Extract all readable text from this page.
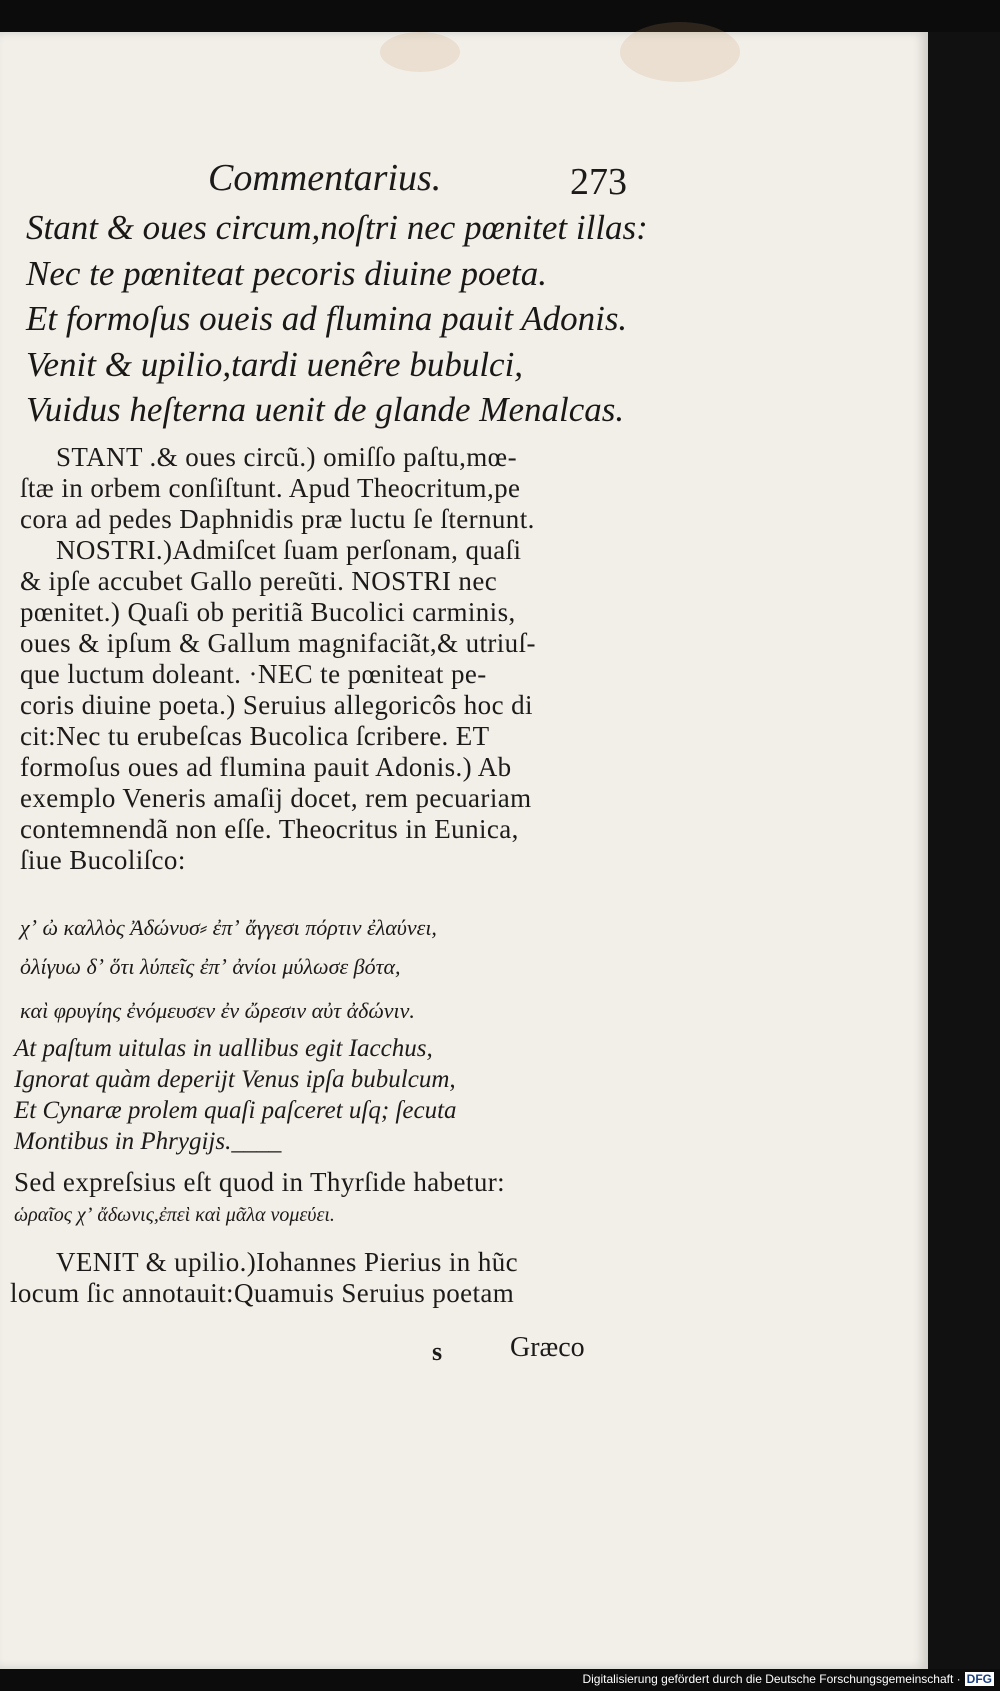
Commentarius.	273
Stant & oues circum,noſtri nec pœnitet illas:
Nec te pœniteat pecoris diuine poeta.
Et formoſus oueis ad flumina pauit Adonis.
Venit & upilio,tardi uenêre bubulci,
Vuidus heſterna uenit de glande Menalcas.
STANT .& oues circũ.) omiſſo paſtu,mœ-
ſtæ in orbem conſiſtunt. Apud Theocritum,pe
cora ad pedes Daphnidis præ luctu ſe ſternunt.
NOSTRI.)Admiſcet ſuam perſonam, quaſi
& ipſe accubet Gallo pereũti. NOSTRI nec
pœnitet.) Quaſi ob peritiã Bucolici carminis,
oues & ipſum & Gallum magnifaciãt,& utriuſ-
que luctum doleant. ·NEC te pœniteat pe-
coris diuine poeta.) Seruius allegoricôs hoc di
cit:Nec tu erubeſcas Bucolica ſcribere. ET
formoſus oues ad flumina pauit Adonis.) Ab
exemplo Veneris amaſij docet, rem pecuariam
contemnendã non eſſe. Theocritus in Eunica,
ſiue Bucoliſco:
χʼ ὠ καλλὸς Ἀδώνυσ⸗ ἐπʼ ἄγγεσι πόρτιν ἐλαύνει,
ὀλίγυω δʼ ὅτι λύπεῖς ἐπʼ ἀνίοι μύλωσε βότα,
καὶ φρυγίης ἐνόμευσεν ἐν ὤρεσιν αὐτ ἀδώνιν.
At paſtum uitulas in uallibus egit Iacchus,
Ignorat quàm deperijt Venus ipſa bubulcum,
Et Cynaræ prolem quaſi paſceret uſq; ſecuta
Montibus in Phrygijs.____
Sed expreſsius eſt quod in Thyrſide habetur:
ὡραῖος χʼ ἄδωνις,ἐπεὶ καὶ μᾶλα νομεύει.
VENIT & upilio.)Iohannes Pierius in hũc
locum ſic annotauit:Quamuis Seruius poetam
s Græco
Digitalisierung gefördert durch die Deutsche Forschungsgemeinschaft · DFG
